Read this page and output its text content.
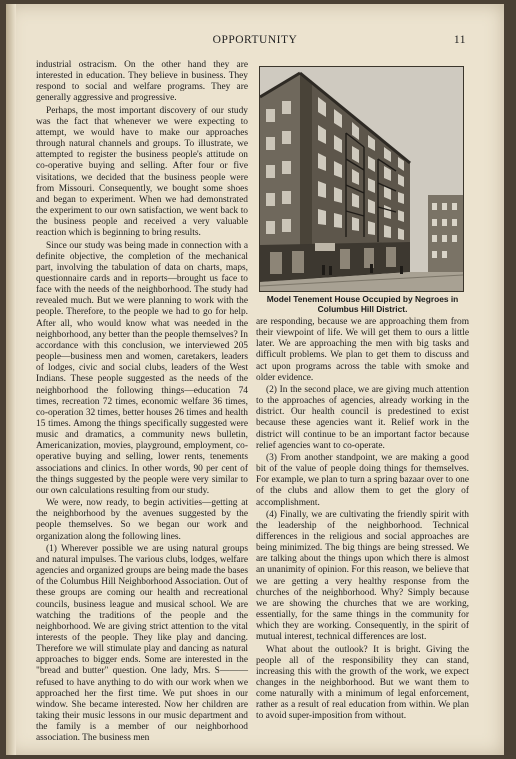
OPPORTUNITY	11

industrial ostracism. On the other hand they are interested in education. They believe in business. They respond to social and welfare programs. They are generally aggressive and progressive.

Perhaps, the most important discovery of our study was the fact that whenever we were expecting to attempt, we would have to make our approaches through natural channels and groups. To illustrate, we attempted to register the business people's attitude on co-operative buying and selling. After four or five visitations, we decided that the business people were from Missouri. Consequently, we bought some shoes and began to experiment. When we had demonstrated the experiment to our own satisfaction, we went back to the business people and received a very valuable reaction which is beginning to bring results.

Since our study was being made in connection with a definite objective, the completion of the mechanical part, involving the tabulation of data on charts, maps, questionnaire cards and in reports—brought us face to face with the needs of the neighborhood. The study had revealed much. But we were planning to work with the people. Therefore, to the people we had to go for help. After all, who would know what was needed in the neighborhood, any better than the people themselves? In accordance with this conclusion, we interviewed 205 people—business men and women, caretakers, leaders of lodges, civic and social clubs, leaders of the West Indians. These people suggested as the needs of the neighborhood the following things—education 74 times, recreation 72 times, economic welfare 36 times, co-operation 32 times, better houses 26 times and health 15 times. Among the things specifically suggested were music and dramatics, a community news bulletin, Americanization, movies, playground, employment, co-operative buying and selling, lower rents, tenements associations and clinics. In other words, 90 per cent of the things suggested by the people were very similar to our own calculations resulting from our study.

We were, now ready, to begin activities—getting at the neighborhood by the avenues suggested by the people themselves. So we began our work and organization along the following lines.

(1) Wherever possible we are using natural groups and natural impulses. The various clubs, lodges, welfare agencies and organized groups are being made the bases of the Columbus Hill Neighborhood Association. Out of these groups are coming our health and recreational councils, business league and musical school. We are watching the traditions of the people and the neighborhood. We are giving strict attention to the vital interests of the people. They like play and dancing. Therefore we will stimulate play and dancing as natural approaches to bigger ends. Some are interested in the "bread and butter" question. One lady, Mrs. S——— refused to have anything to do with our work when we approached her the first time. We put shoes in our window. She became interested. Now her children are taking their music lessons in our music department and the family is a member of our neighborhood association. The business men

Model Tenement House Occupied by Negroes in
Columbus Hill District.

are responding, because we are approaching them from their viewpoint of life. We will get them to ours a little later. We are approaching the men with big tasks and difficult problems. We plan to get them to discuss and act upon programs across the table with smoke and older evidence.

(2) In the second place, we are giving much attention to the approaches of agencies, already working in the district. Our health council is predestined to exist because these agencies want it. Relief work in the district will continue to be an important factor because relief agencies want to co-operate.

(3) From another standpoint, we are making a good bit of the value of people doing things for themselves. For example, we plan to turn a spring bazaar over to one of the clubs and allow them to get the glory of accomplishment.

(4) Finally, we are cultivating the friendly spirit with the leadership of the neighborhood. Technical differences in the religious and social approaches are being minimized. The big things are being stressed. We are talking about the things upon which there is almost an unanimity of opinion. For this reason, we believe that we are getting a very healthy response from the churches of the neighborhood. Why? Simply because we are showing the churches that we are working, essentially, for the same things in the community for which they are working. Consequently, in the spirit of mutual interest, technical differences are lost.

What about the outlook? It is bright. Giving the people all of the responsibility they can stand, increasing this with the growth of the work, we expect changes in the neighborhood. But we want them to come naturally with a minimum of legal enforcement, rather as a result of real education from within. We plan to avoid super-imposition from without.
